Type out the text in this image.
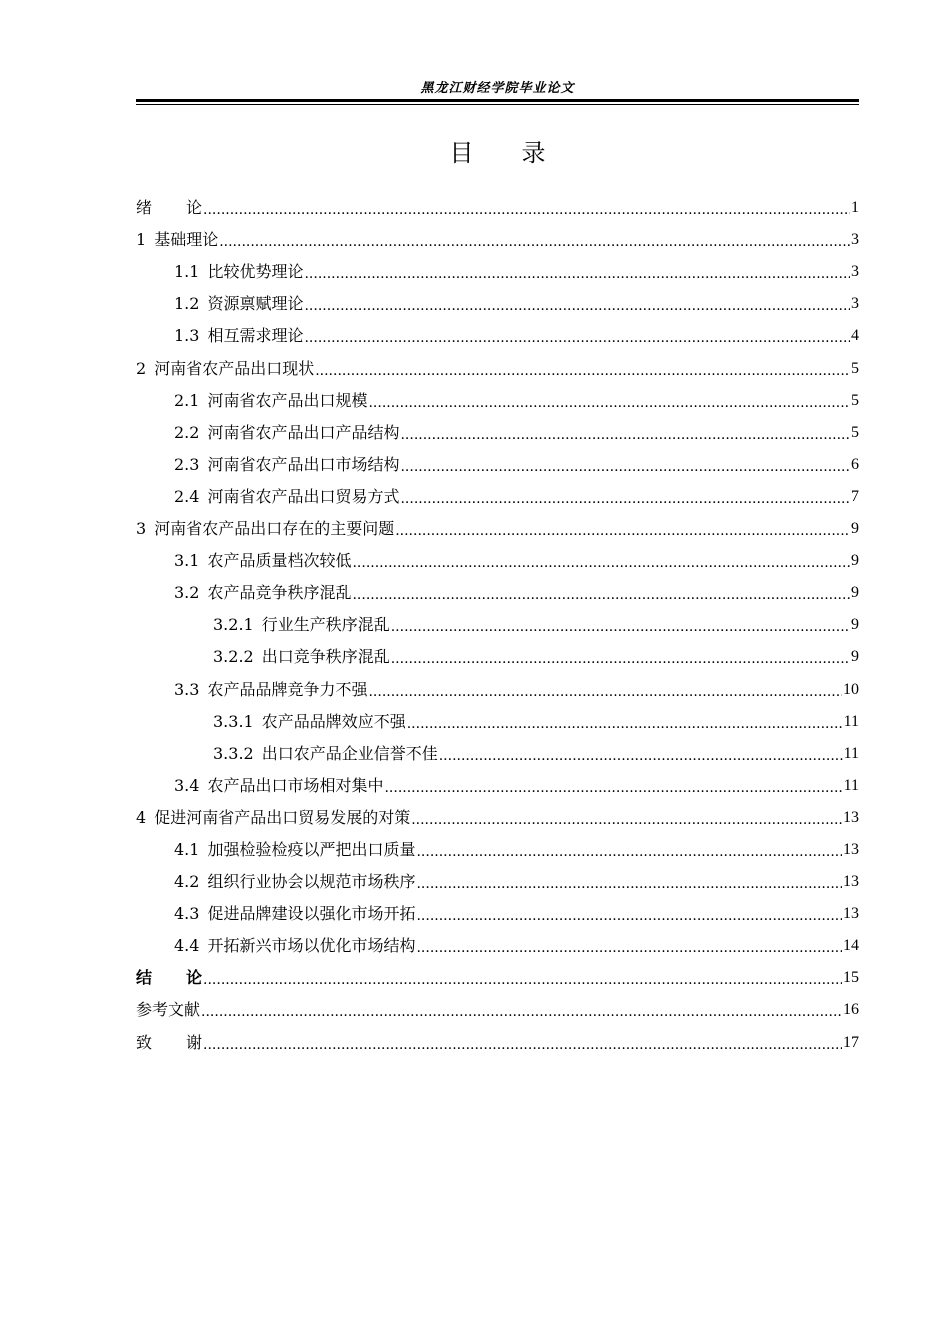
黑龙江财经学院毕业论文
目 录
绪论 .....	1
1 基础理论 .....	3
1.1 比较优势理论 .....	3
1.2 资源禀赋理论 .....	3
1.3 相互需求理论 .....	4
2 河南省农产品出口现状 .....	5
2.1 河南省农产品出口规模 .....	5
2.2 河南省农产品出口产品结构 .....	5
2.3 河南省农产品出口市场结构 .....	6
2.4 河南省农产品出口贸易方式 .....	7
3 河南省农产品出口存在的主要问题 .....	9
3.1 农产品质量档次较低 .....	9
3.2 农产品竞争秩序混乱 .....	9
3.2.1 行业生产秩序混乱 .....	9
3.2.2 出口竞争秩序混乱 .....	9
3.3 农产品品牌竞争力不强 .....	10
3.3.1 农产品品牌效应不强 .....	11
3.3.2 出口农产品企业信誉不佳 .....	11
3.4 农产品出口市场相对集中 .....	11
4 促进河南省产品出口贸易发展的对策 .....	13
4.1 加强检验检疫以严把出口质量 .....	13
4.2 组织行业协会以规范市场秩序 .....	13
4.3 促进品牌建设以强化市场开拓 .....	13
4.4 开拓新兴市场以优化市场结构 .....	14
结论 .....	15
参考文献 .....	16
致谢 .....	17
